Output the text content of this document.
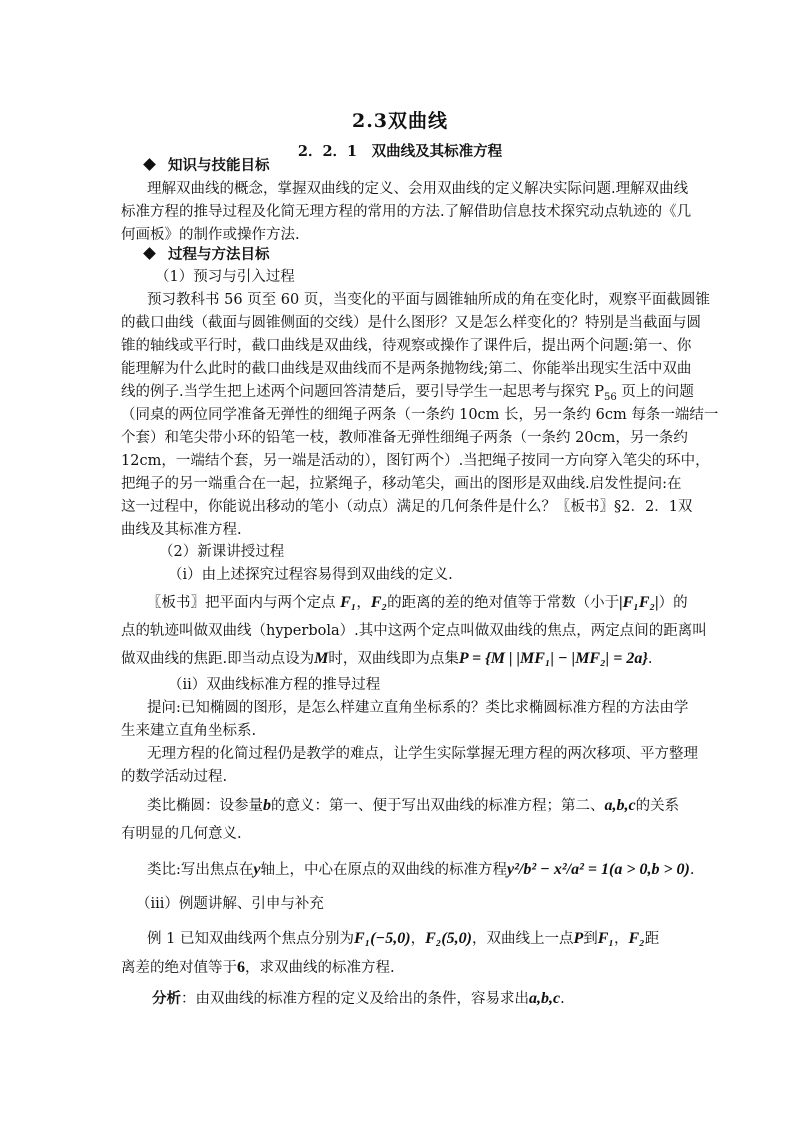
2.3双曲线
2．2．1　双曲线及其标准方程
知识与技能目标
理解双曲线的概念，掌握双曲线的定义、会用双曲线的定义解决实际问题.理解双曲线
标准方程的推导过程及化简无理方程的常用的方法.了解借助信息技术探究动点轨迹的《几
何画板》的制作或操作方法.
过程与方法目标
（1）预习与引入过程
预习教科书 56 页至 60 页，当变化的平面与圆锥轴所成的角在变化时，观察平面截圆锥
的截口曲线（截面与圆锥侧面的交线）是什么图形？又是怎么样变化的？特别是当截面与圆
锥的轴线或平行时，截口曲线是双曲线，待观察或操作了课件后，提出两个问题:第一、你
能理解为什么此时的截口曲线是双曲线而不是两条抛物线;第二、你能举出现实生活中双曲
线的例子.当学生把上述两个问题回答清楚后，要引导学生一起思考与探究 $P_{56}$ 页上的问题
（同桌的两位同学准备无弹性的细绳子两条（一条约 10cm 长，另一条约 6cm 每条一端结一
个套）和笔尖带小环的铅笔一枝，教师准备无弹性细绳子两条（一条约 20cm，另一条约
12cm，一端结个套，另一端是活动的），图钉两个）.当把绳子按同一方向穿入笔尖的环中，
把绳子的另一端重合在一起，拉紧绳子，移动笔尖，画出的图形是双曲线.启发性提问:在
这一过程中，你能说出移动的笔小（动点）满足的几何条件是什么？〖板书〗§2．2．1双
曲线及其标准方程.
（2）新课讲授过程
（i）由上述探究过程容易得到双曲线的定义.
〖板书〗把平面内与两个定点 F₁，F₂的距离的差的绝对值等于常数（小于|F₁F₂|）的
点的轨迹叫做双曲线（hyperbola）.其中这两个定点叫做双曲线的焦点，两定点间的距离叫
做双曲线的焦距.即当动点设为M时，双曲线即为点集P = {M | |MF₁| − |MF₂| = 2a}.
（ii）双曲线标准方程的推导过程
提问:已知椭圆的图形，是怎么样建立直角坐标系的？类比求椭圆标准方程的方法由学
生来建立直角坐标系.
无理方程的化简过程仍是教学的难点，让学生实际掌握无理方程的两次移项、平方整理
的数学活动过程.
类比椭圆：设参量b的意义：第一、便于写出双曲线的标准方程；第二、a,b,c的关系
有明显的几何意义.
类比:写出焦点在y轴上，中心在原点的双曲线的标准方程y²/b² − x²/a² = 1(a > 0,b > 0).
（iii）例题讲解、引申与补充
例 1 已知双曲线两个焦点分别为F₁(−5,0)，F₂(5,0)，双曲线上一点P到F₁，F₂距
离差的绝对值等于6，求双曲线的标准方程.
分析：由双曲线的标准方程的定义及给出的条件，容易求出a,b,c.
